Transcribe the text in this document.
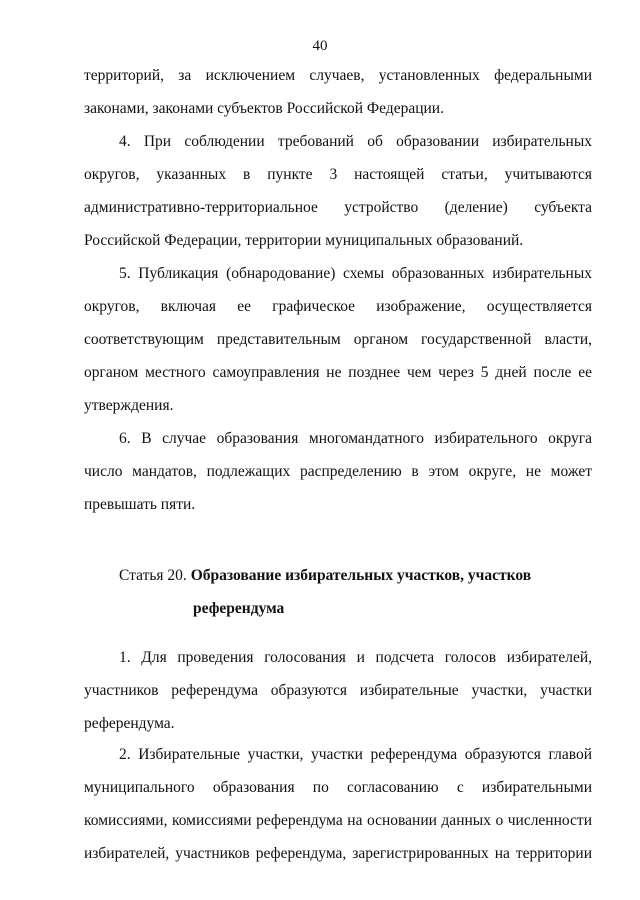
40
территорий, за исключением случаев, установленных федеральными
законами, законами субъектов Российской Федерации.
4. При соблюдении требований об образовании избирательных
округов, указанных в пункте 3 настоящей статьи, учитываются
административно-территориальное устройство (деление) субъекта
Российской Федерации, территории муниципальных образований.
5. Публикация (обнародование) схемы образованных избирательных
округов, включая ее графическое изображение, осуществляется
соответствующим представительным органом государственной власти,
органом местного самоуправления не позднее чем через 5 дней после ее
утверждения.
6. В случае образования многомандатного избирательного округа
число мандатов, подлежащих распределению в этом округе, не может
превышать пяти.
Статья 20. Образование избирательных участков, участков
референдума
1. Для проведения голосования и подсчета голосов избирателей,
участников референдума образуются избирательные участки, участки
референдума.
2. Избирательные участки, участки референдума образуются главой
муниципального образования по согласованию с избирательными
комиссиями, комиссиями референдума на основании данных о численности
избирателей, участников референдума, зарегистрированных на территории
